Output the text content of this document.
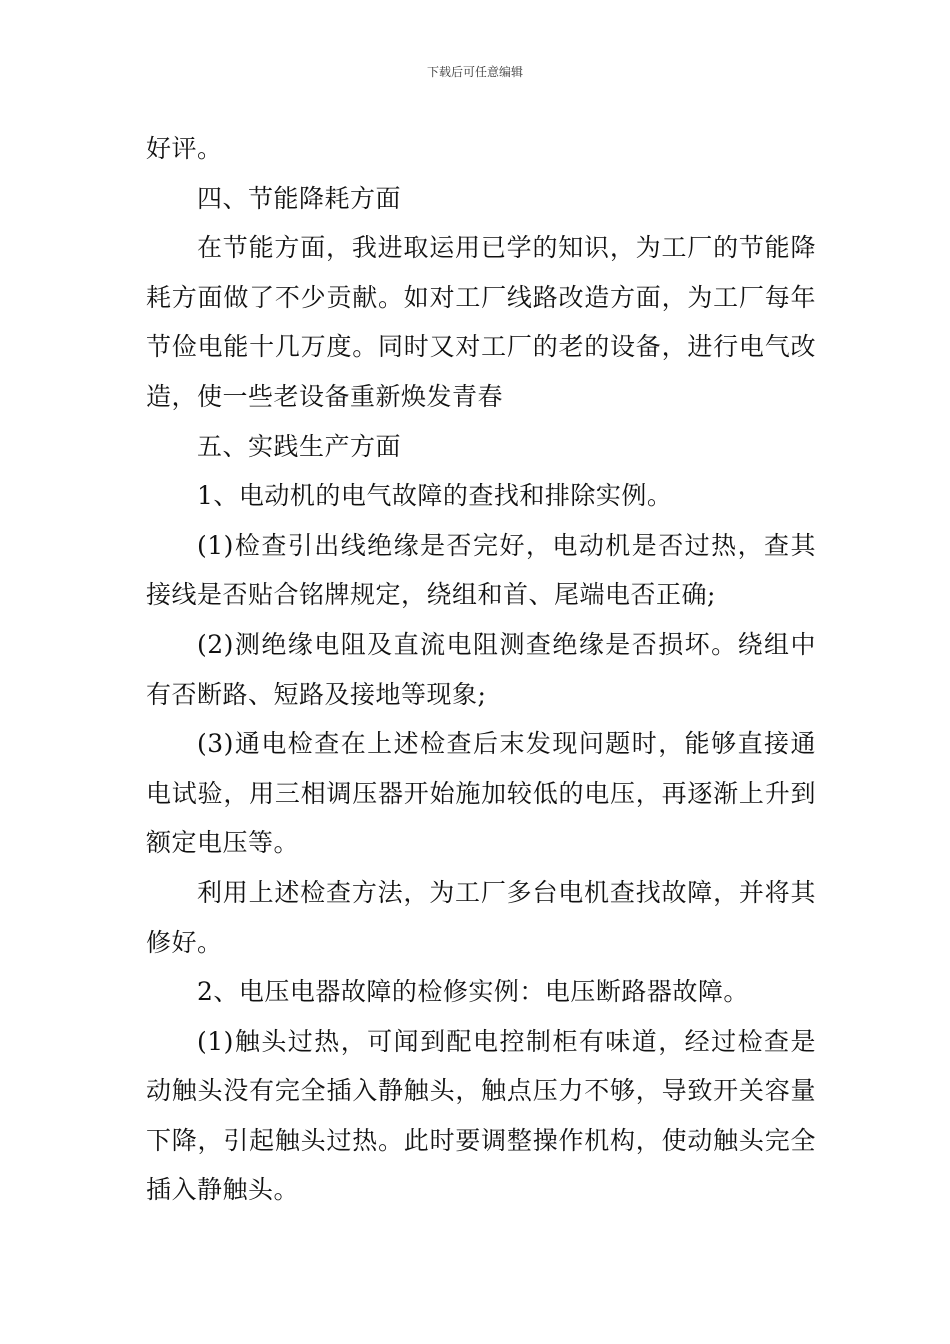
下载后可任意编辑

好评。

四、节能降耗方面

在节能方面，我进取运用已学的知识，为工厂的节能降耗方面做了不少贡献。如对工厂线路改造方面，为工厂每年节俭电能十几万度。同时又对工厂的老的设备，进行电气改造，使一些老设备重新焕发青春

五、实践生产方面

1、电动机的电气故障的查找和排除实例。

(1)检查引出线绝缘是否完好，电动机是否过热，查其接线是否贴合铭牌规定，绕组和首、尾端电否正确;

(2)测绝缘电阻及直流电阻测查绝缘是否损坏。绕组中有否断路、短路及接地等现象;

(3)通电检查在上述检查后末发现问题时，能够直接通电试验，用三相调压器开始施加较低的电压，再逐渐上升到额定电压等。

利用上述检查方法，为工厂多台电机查找故障，并将其修好。

2、电压电器故障的检修实例：电压断路器故障。

(1)触头过热，可闻到配电控制柜有味道，经过检查是动触头没有完全插入静触头，触点压力不够，导致开关容量下降，引起触头过热。此时要调整操作机构，使动触头完全插入静触头。
